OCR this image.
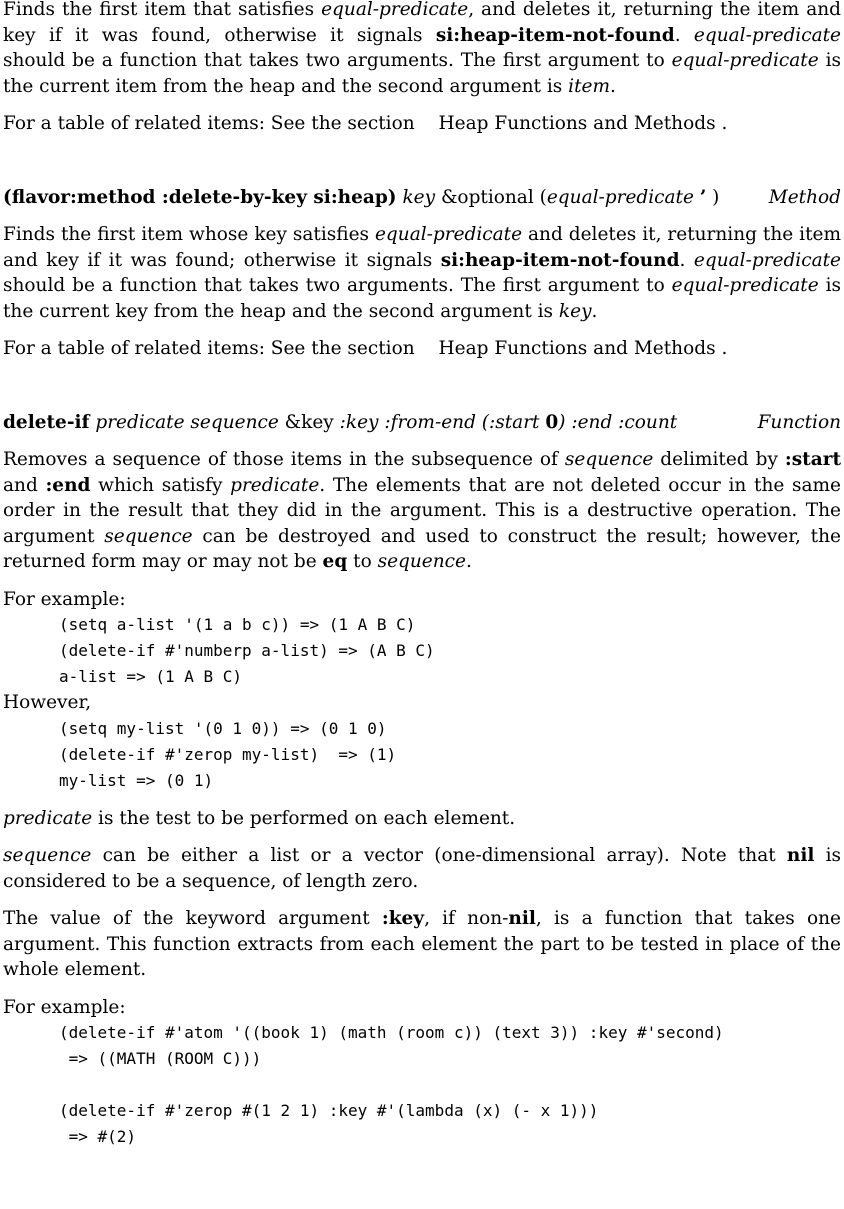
Finds the first item that satisfies equal-predicate, and deletes it, returning the item and key if it was found, otherwise it signals si:heap-item-not-found. equal-predicate should be a function that takes two arguments. The first argument to equal-predicate is the current item from the heap and the second argument is item.

For a table of related items: See the section Heap Functions and Methods .

(flavor:method :delete-by-key si:heap) key &optional (equal-predicate ’ )	Method

Finds the first item whose key satisfies equal-predicate and deletes it, returning the item and key if it was found; otherwise it signals si:heap-item-not-found. equal-predicate should be a function that takes two arguments. The first argument to equal-predicate is the current key from the heap and the second argument is key.

For a table of related items: See the section Heap Functions and Methods .

delete-if predicate sequence &key :key :from-end (:start 0) :end :count	Function

Removes a sequence of those items in the subsequence of sequence delimited by :start and :end which satisfy predicate. The elements that are not deleted occur in the same order in the result that they did in the argument. This is a destructive operation. The argument sequence can be destroyed and used to construct the result; however, the returned form may or may not be eq to sequence.

For example:

(setq a-list '(1 a b c)) => (1 A B C)
(delete-if #'numberp a-list) => (A B C)
a-list => (1 A B C)

However,

(setq my-list '(0 1 0)) => (0 1 0)
(delete-if #'zerop my-list)  => (1)
my-list => (0 1)

predicate is the test to be performed on each element.

sequence can be either a list or a vector (one-dimensional array). Note that nil is considered to be a sequence, of length zero.

The value of the keyword argument :key, if non-nil, is a function that takes one argument. This function extracts from each element the part to be tested in place of the whole element.

For example:

(delete-if #'atom '((book 1) (math (room c)) (text 3)) :key #'second)
=> ((MATH (ROOM C)))
(delete-if #'zerop #(1 2 1) :key #'(lambda (x) (- x 1)))
=> #(2)
